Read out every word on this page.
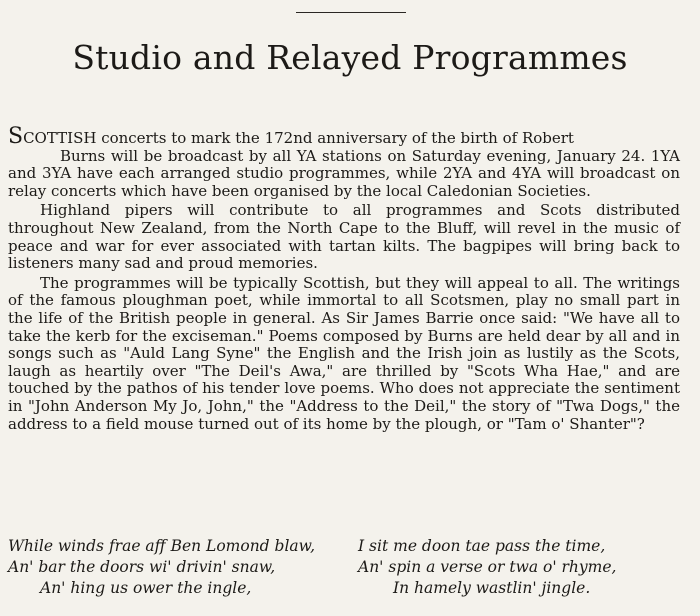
Studio and Relayed Programmes

SCOTTISH concerts to mark the 172nd anniversary of the birth of Robert
Burns will be broadcast by all YA stations on Saturday evening, January 24. 1YA and 3YA have each arranged studio programmes, while 2YA and 4YA will broadcast on relay concerts which have been organised by the local Caledonian Societies.

Highland pipers will contribute to all programmes and Scots distributed throughout New Zealand, from the North Cape to the Bluff, will revel in the music of peace and war for ever associated with tartan kilts. The bagpipes will bring back to listeners many sad and proud memories.

The programmes will be typically Scottish, but they will appeal to all. The writings of the famous ploughman poet, while immortal to all Scotsmen, play no small part in the life of the British people in general. As Sir James Barrie once said: "We have all to take the kerb for the exciseman." Poems composed by Burns are held dear by all and in songs such as "Auld Lang Syne" the English and the Irish join as lustily as the Scots, laugh as heartily over "The Deil's Awa," are thrilled by "Scots Wha Hae," and are touched by the pathos of his tender love poems. Who does not appreciate the sentiment in "John Anderson My Jo, John," the "Address to the Deil," the story of "Twa Dogs," the address to a field mouse turned out of its home by the plough, or "Tam o' Shanter"?

While winds frae aff Ben Lomond blaw,
An' bar the doors wi' drivin' snaw,
An' hing us ower the ingle,
I sit me doon tae pass the time,
An' spin a verse or twa o' rhyme,
In hamely wastlin' jingle.
